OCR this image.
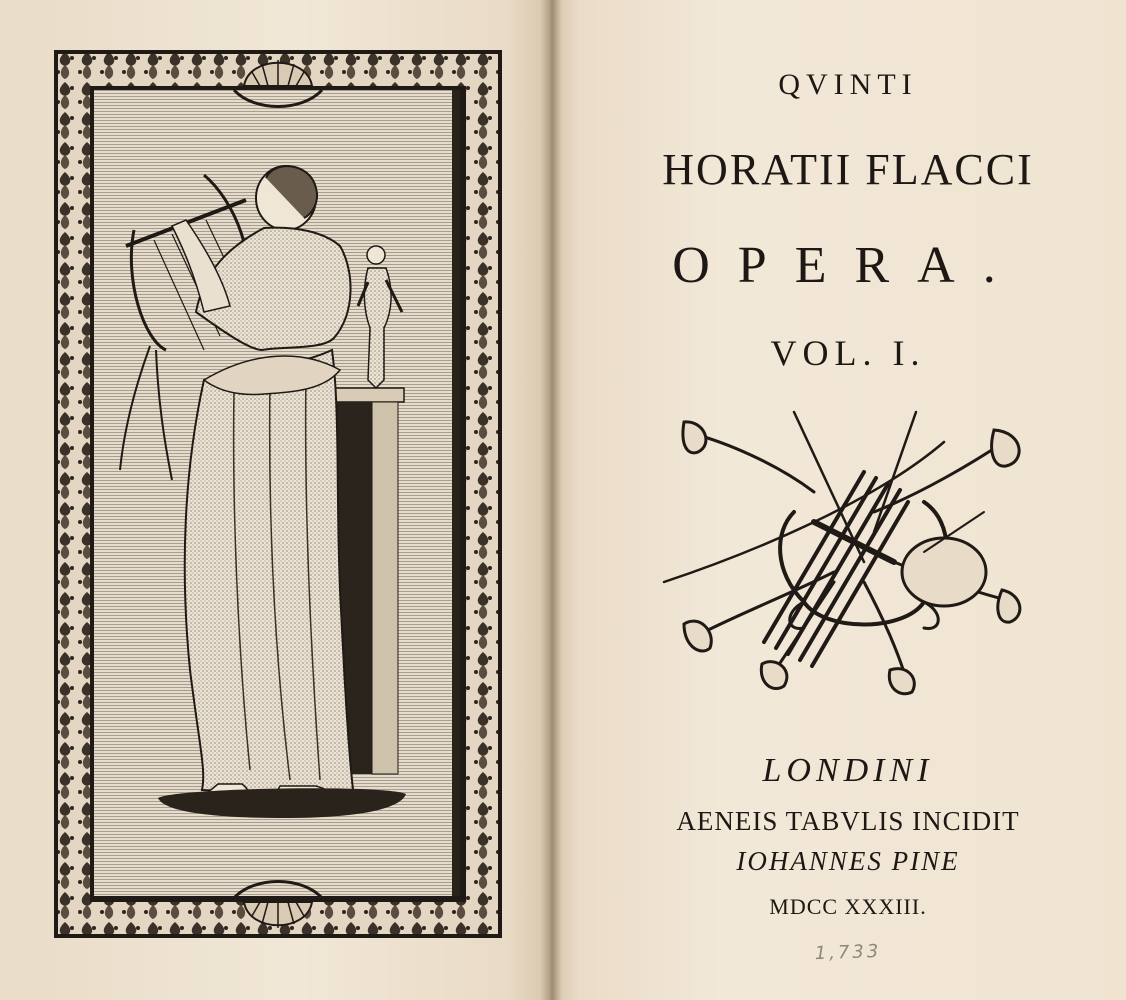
QVINTI
HORATII FLACCI
OPERA.
VOL. I.
LONDINI
AENEIS TABVLIS INCIDIT
IOHANNES PINE
MDCC XXXIII.
1,733
